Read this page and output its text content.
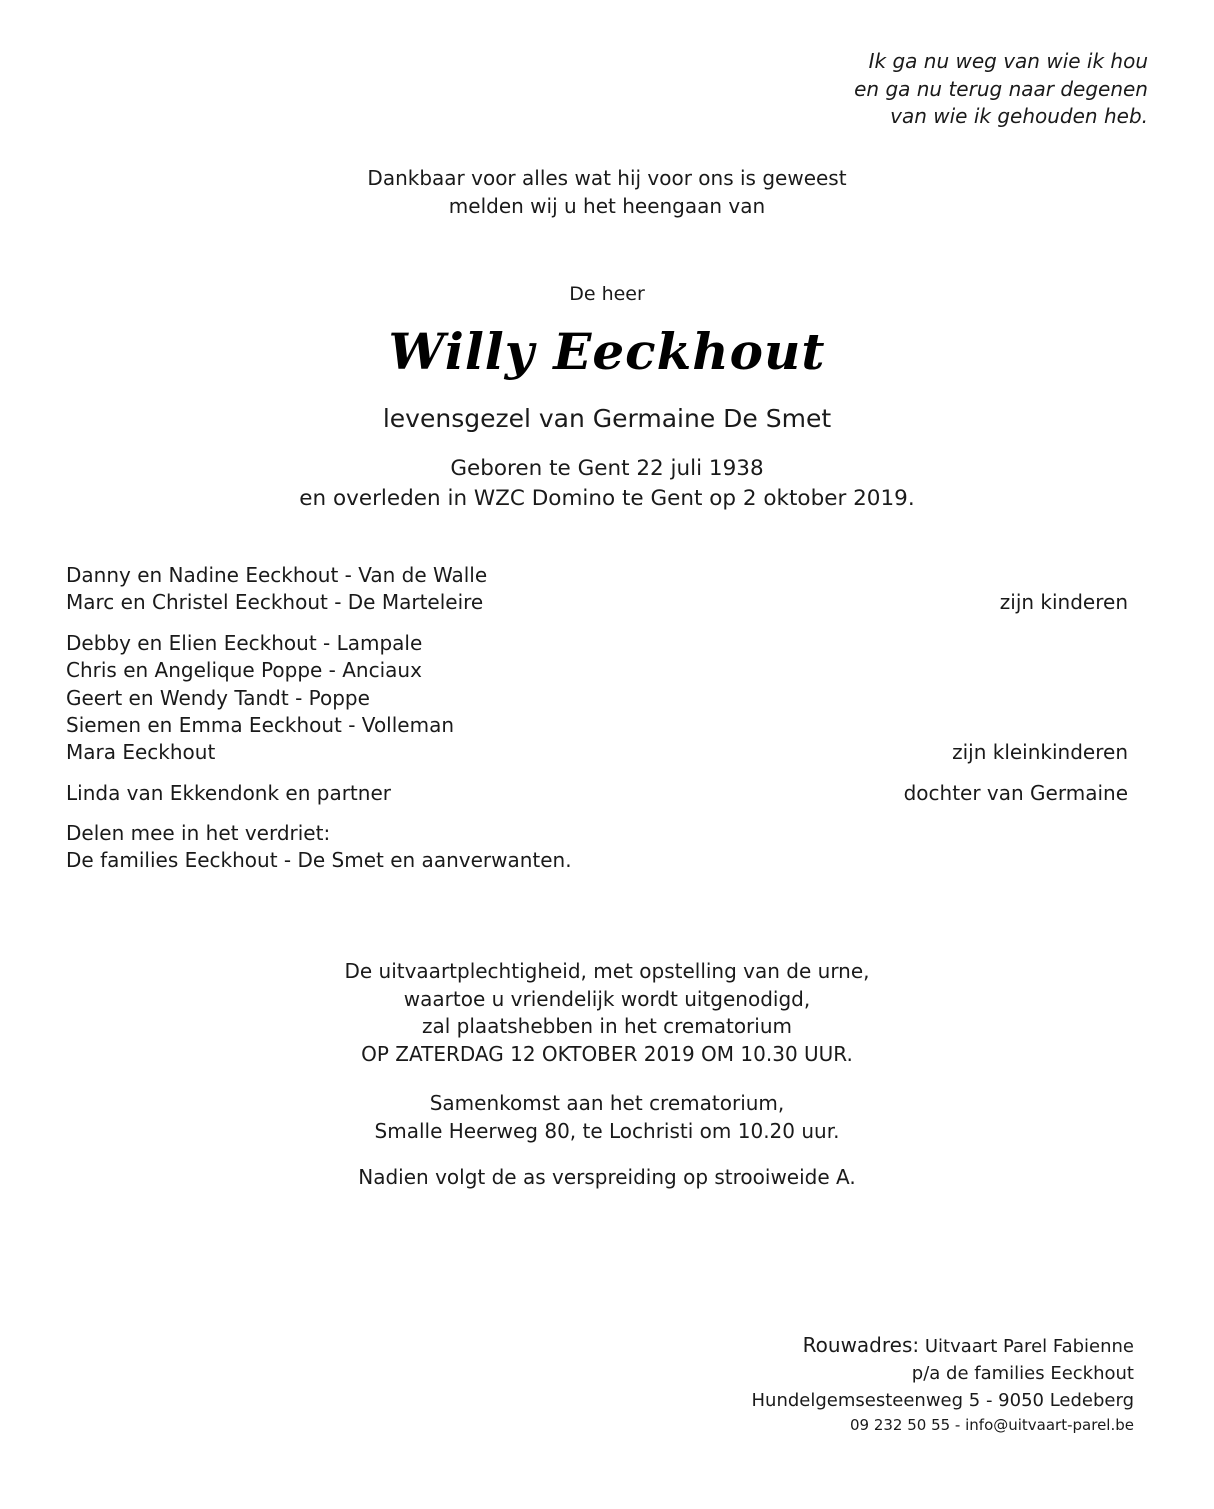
Ik ga nu weg van wie ik hou
en ga nu terug naar degenen
van wie ik gehouden heb.
Dankbaar voor alles wat hij voor ons is geweest
melden wij u het heengaan van
De heer
Willy Eeckhout
levensgezel van Germaine De Smet
Geboren te Gent 22 juli 1938
en overleden in WZC Domino te Gent op 2 oktober 2019.
Danny en Nadine Eeckhout - Van de Walle
Marc en Christel Eeckhout - De Marteleire	zijn kinderen
Debby en Elien Eeckhout - Lampale
Chris en Angelique Poppe - Anciaux
Geert en Wendy Tandt - Poppe
Siemen en Emma Eeckhout - Volleman
Mara Eeckhout	zijn kleinkinderen
Linda van Ekkendonk en partner	dochter van Germaine
Delen mee in het verdriet:
De families Eeckhout - De Smet en aanverwanten.
De uitvaartplechtigheid, met opstelling van de urne,
waartoe u vriendelijk wordt uitgenodigd,
zal plaatshebben in het crematorium
OP ZATERDAG 12 OKTOBER 2019 OM 10.30 UUR.
Samenkomst aan het crematorium,
Smalle Heerweg 80, te Lochristi om 10.20 uur.
Nadien volgt de as verspreiding op strooiweide A.
Rouwadres: Uitvaart Parel Fabienne
p/a de families Eeckhout
Hundelgemsesteenweg 5 - 9050 Ledeberg
09 232 50 55 - info@uitvaart-parel.be
